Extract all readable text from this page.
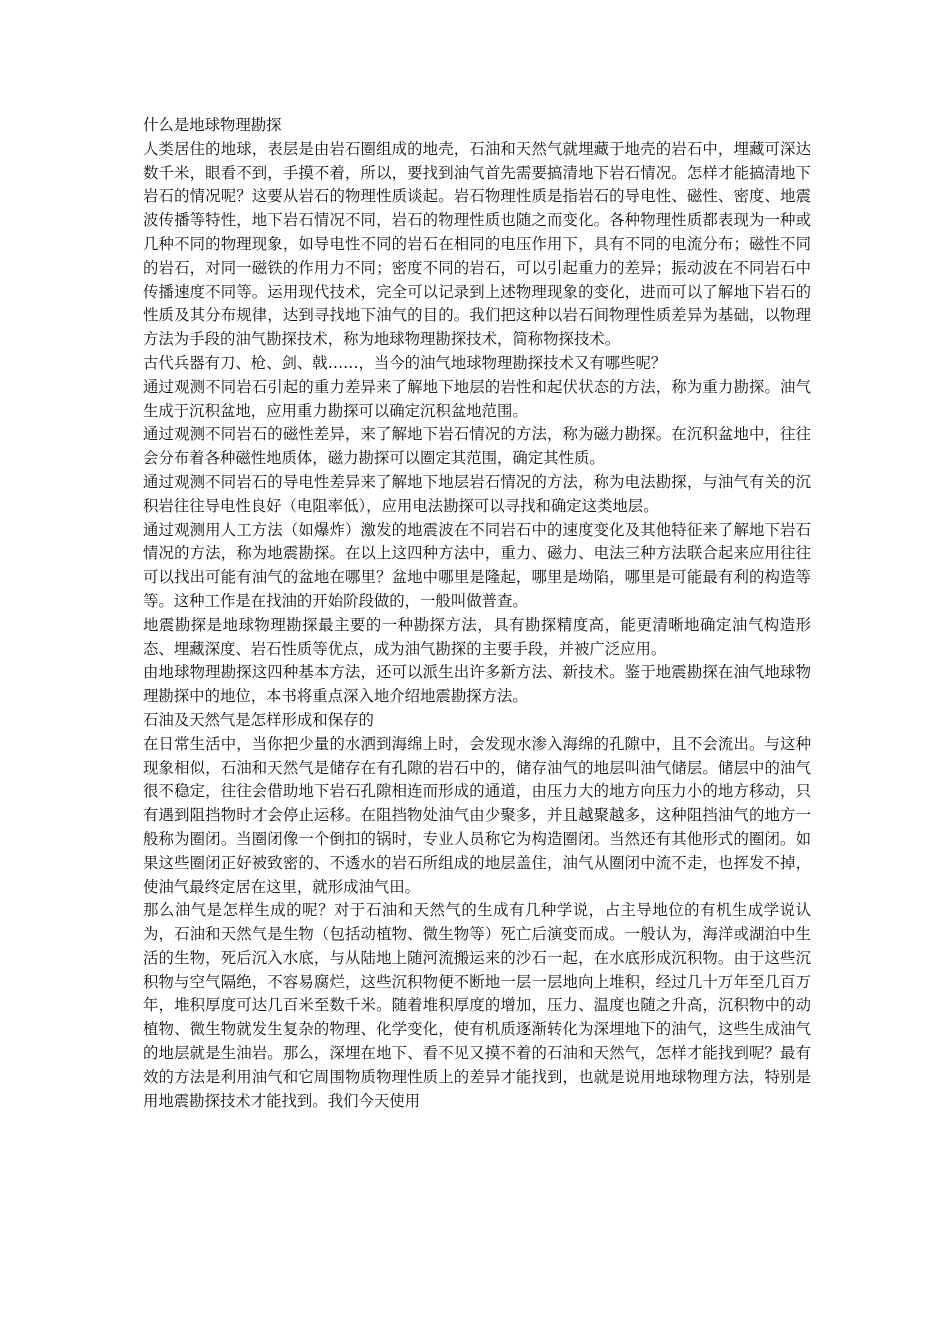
什么是地球物理勘探

人类居住的地球，表层是由岩石圈组成的地壳，石油和天然气就埋藏于地壳的岩石中，埋藏可深达数千米，眼看不到，手摸不着，所以，要找到油气首先需要搞清地下岩石情况。怎样才能搞清地下岩石的情况呢？这要从岩石的物理性质谈起。岩石物理性质是指岩石的导电性、磁性、密度、地震波传播等特性，地下岩石情况不同，岩石的物理性质也随之而变化。各种物理性质都表现为一种或几种不同的物理现象，如导电性不同的岩石在相同的电压作用下，具有不同的电流分布；磁性不同的岩石，对同一磁铁的作用力不同；密度不同的岩石，可以引起重力的差异；振动波在不同岩石中传播速度不同等。运用现代技术，完全可以记录到上述物理现象的变化，进而可以了解地下岩石的性质及其分布规律，达到寻找地下油气的目的。我们把这种以岩石间物理性质差异为基础，以物理方法为手段的油气勘探技术，称为地球物理勘探技术，简称物探技术。

古代兵器有刀、枪、剑、戟……，当今的油气地球物理勘探技术又有哪些呢？

通过观测不同岩石引起的重力差异来了解地下地层的岩性和起伏状态的方法，称为重力勘探。油气生成于沉积盆地，应用重力勘探可以确定沉积盆地范围。

通过观测不同岩石的磁性差异，来了解地下岩石情况的方法，称为磁力勘探。在沉积盆地中，往往会分布着各种磁性地质体，磁力勘探可以圈定其范围，确定其性质。

通过观测不同岩石的导电性差异来了解地下地层岩石情况的方法，称为电法勘探，与油气有关的沉积岩往往导电性良好（电阻率低），应用电法勘探可以寻找和确定这类地层。

通过观测用人工方法（如爆炸）激发的地震波在不同岩石中的速度变化及其他特征来了解地下岩石情况的方法，称为地震勘探。在以上这四种方法中，重力、磁力、电法三种方法联合起来应用往往可以找出可能有油气的盆地在哪里？盆地中哪里是隆起，哪里是坳陷，哪里是可能最有利的构造等等。这种工作是在找油的开始阶段做的，一般叫做普查。

地震勘探是地球物理勘探最主要的一种勘探方法，具有勘探精度高，能更清晰地确定油气构造形态、埋藏深度、岩石性质等优点，成为油气勘探的主要手段，并被广泛应用。

由地球物理勘探这四种基本方法，还可以派生出许多新方法、新技术。鉴于地震勘探在油气地球物理勘探中的地位，本书将重点深入地介绍地震勘探方法。

石油及天然气是怎样形成和保存的

在日常生活中，当你把少量的水洒到海绵上时，会发现水渗入海绵的孔隙中，且不会流出。与这种现象相似，石油和天然气是储存在有孔隙的岩石中的，储存油气的地层叫油气储层。储层中的油气很不稳定，往往会借助地下岩石孔隙相连而形成的通道，由压力大的地方向压力小的地方移动，只有遇到阻挡物时才会停止运移。在阻挡物处油气由少聚多，并且越聚越多，这种阻挡油气的地方一般称为圈闭。当圈闭像一个倒扣的锅时，专业人员称它为构造圈闭。当然还有其他形式的圈闭。如果这些圈闭正好被致密的、不透水的岩石所组成的地层盖住，油气从圈闭中流不走，也挥发不掉，使油气最终定居在这里，就形成油气田。

那么油气是怎样生成的呢？对于石油和天然气的生成有几种学说，占主导地位的有机生成学说认为，石油和天然气是生物（包括动植物、微生物等）死亡后演变而成。一般认为，海洋或湖泊中生活的生物，死后沉入水底，与从陆地上随河流搬运来的沙石一起，在水底形成沉积物。由于这些沉积物与空气隔绝，不容易腐烂，这些沉积物便不断地一层一层地向上堆积，经过几十万年至几百万年，堆积厚度可达几百米至数千米。随着堆积厚度的增加，压力、温度也随之升高，沉积物中的动植物、微生物就发生复杂的物理、化学变化，使有机质逐渐转化为深埋地下的油气，这些生成油气的地层就是生油岩。那么，深埋在地下、看不见又摸不着的石油和天然气，怎样才能找到呢？最有效的方法是利用油气和它周围物质物理性质上的差异才能找到，也就是说用地球物理方法，特别是用地震勘探技术才能找到。我们今天使用
